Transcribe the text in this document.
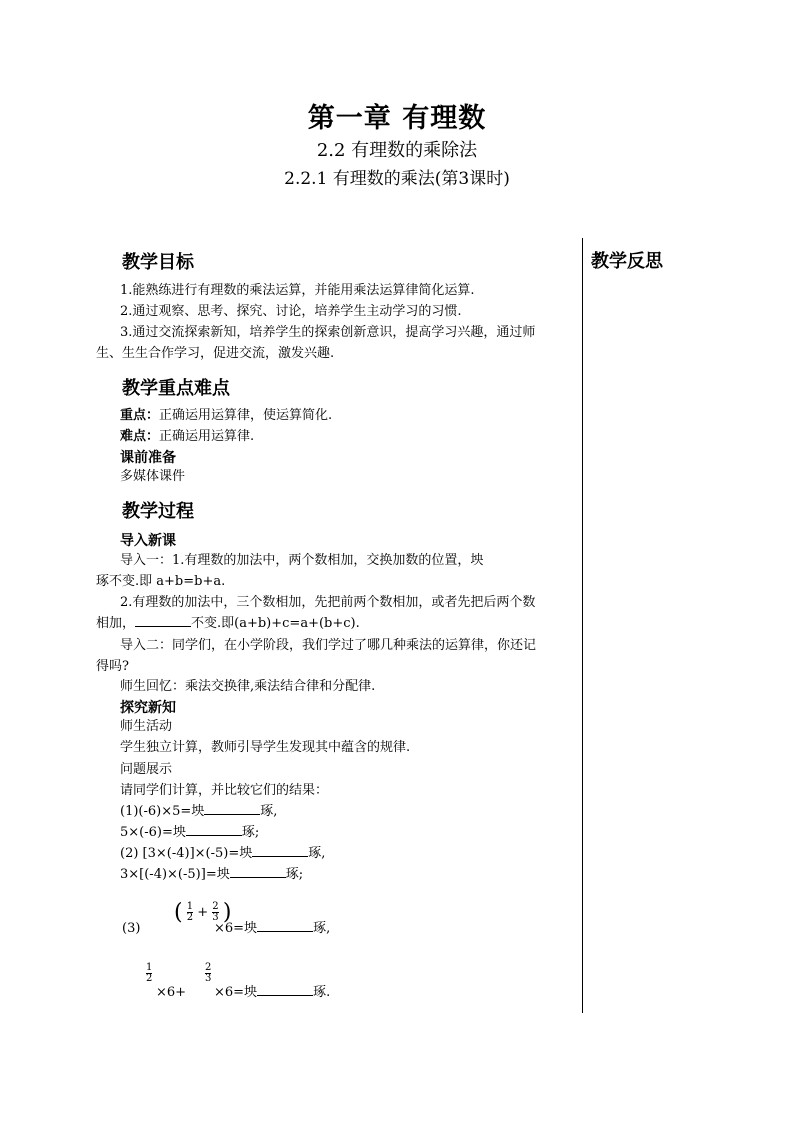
第一章 有理数
2.2 有理数的乘除法
2.2.1 有理数的乘法(第3课时)
教学反思
教学目标

1.能熟练进行有理数的乘法运算，并能用乘法运算律简化运算.

2.通过观察、思考、探究、讨论，培养学生主动学习的习惯.

3.通过交流探索新知，培养学生的探索创新意识，提高学习兴趣，通过师

生、生生合作学习，促进交流，激发兴趣.

教学重点难点

重点：正确运用运算律，使运算简化.

难点：正确运用运算律.

课前准备

多媒体课件

教学过程
导入新课

导入一：1.有理数的加法中，两个数相加，交换加数的位置，坱

琢不变.即 a+b=b+a.

2.有理数的加法中，三个数相加，先把前两个数相加，或者先把后两个数

相加，	不变.即(a+b)+c=a+(b+c).

导入二：同学们，在小学阶段，我们学过了哪几种乘法的运算律，你还记

得吗?

师生回忆：乘法交换律,乘法结合律和分配律.

探究新知

师生活动

学生独立计算，教师引导学生发现其中蕴含的规律.

问题展示

请同学们计算，并比较它们的结果：

(1)(-6)×5=坱	琢,

5×(-6)=坱	琢;

(2) [3×(-4)]×(-5)=坱	琢,

3×[(-4)×(-5)]=坱	琢;

(3)

( $\frac{1}{2} + \frac{2}{3}$ )

×6=坱	琢,

$\frac{1}{2}$

×6+

$\frac{2}{3}$

×6=坱	琢.
